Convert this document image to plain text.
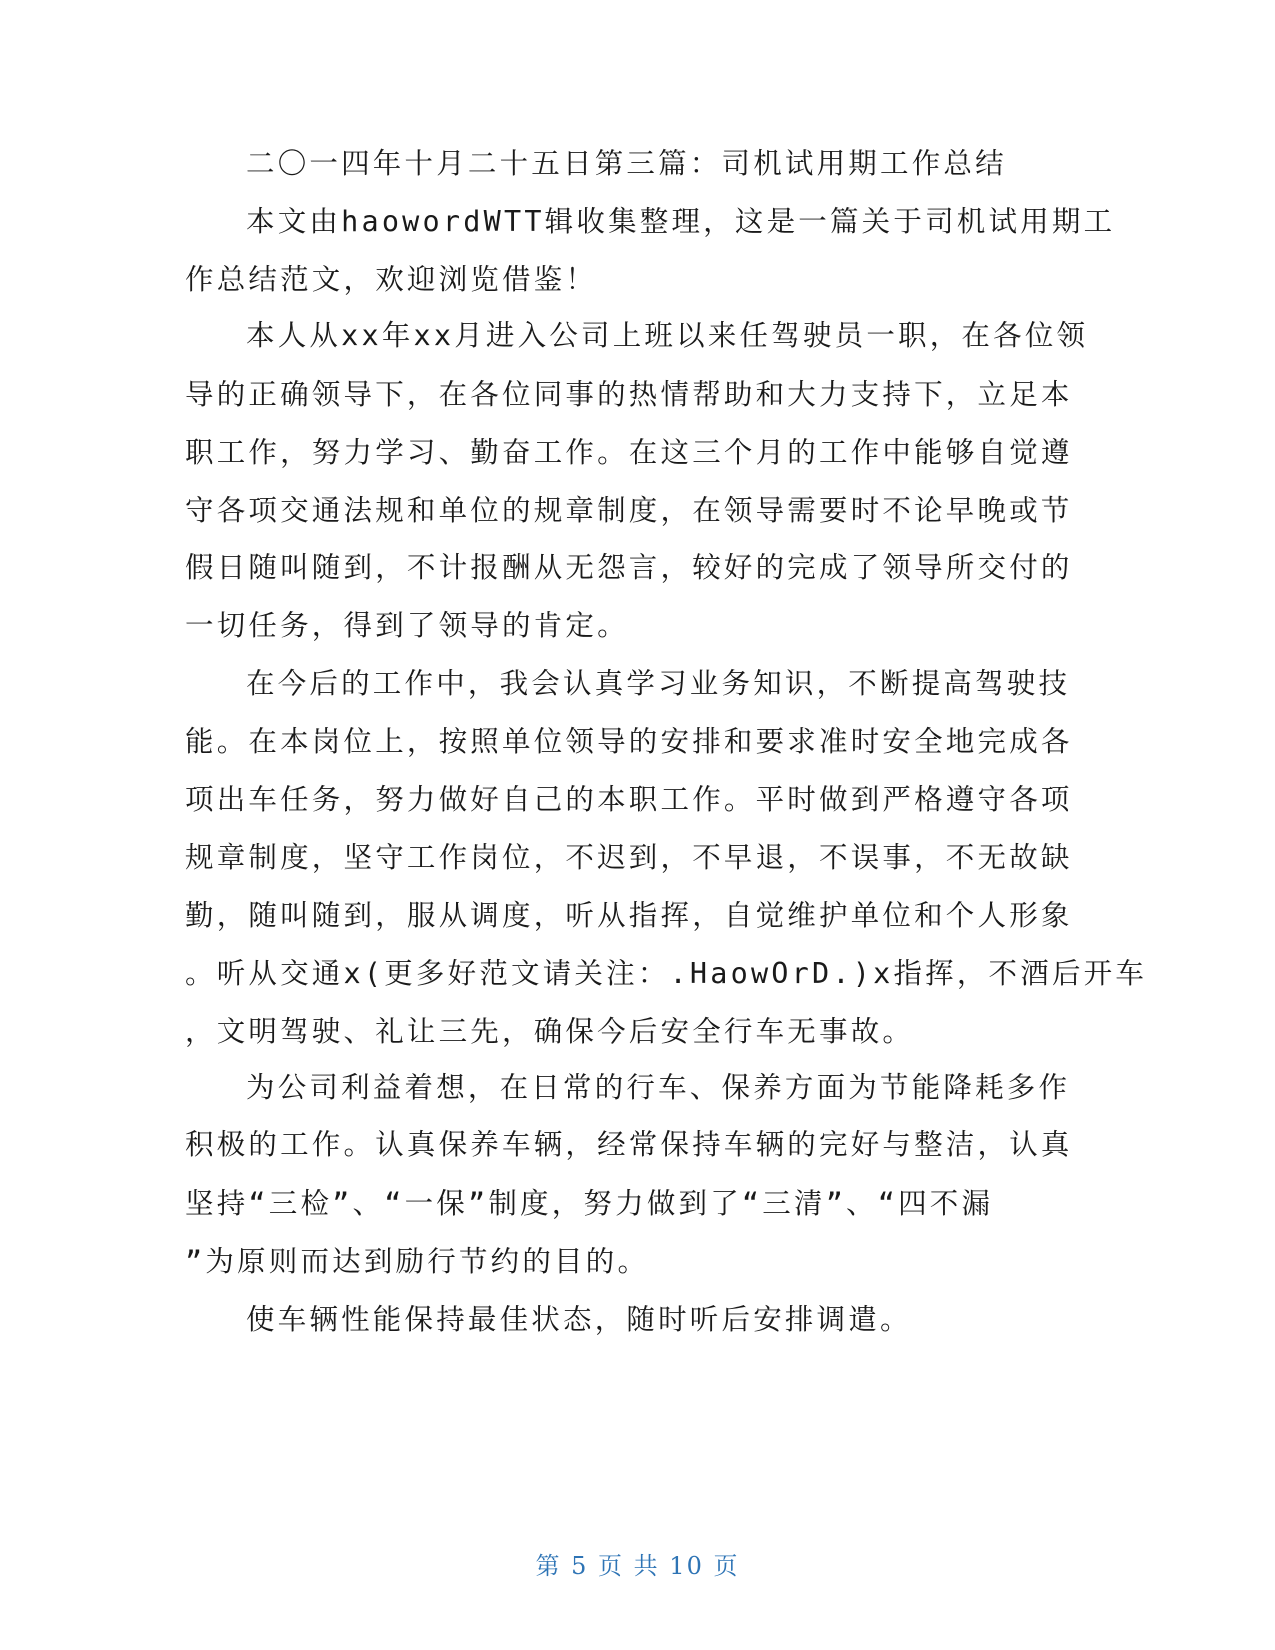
二〇一四年十月二十五日第三篇：司机试用期工作总结
本文由haowordWTT辑收集整理，这是一篇关于司机试用期工
作总结范文，欢迎浏览借鉴！
本人从xx年xx月进入公司上班以来任驾驶员一职，在各位领
导的正确领导下，在各位同事的热情帮助和大力支持下，立足本
职工作，努力学习、勤奋工作。在这三个月的工作中能够自觉遵
守各项交通法规和单位的规章制度，在领导需要时不论早晚或节
假日随叫随到，不计报酬从无怨言，较好的完成了领导所交付的
一切任务，得到了领导的肯定。
在今后的工作中，我会认真学习业务知识，不断提高驾驶技
能。在本岗位上，按照单位领导的安排和要求准时安全地完成各
项出车任务，努力做好自己的本职工作。平时做到严格遵守各项
规章制度，坚守工作岗位，不迟到，不早退，不误事，不无故缺
勤，随叫随到，服从调度，听从指挥，自觉维护单位和个人形象
。听从交通x(更多好范文请关注：.HaowOrD.)x指挥，不酒后开车
，文明驾驶、礼让三先，确保今后安全行车无事故。
为公司利益着想，在日常的行车、保养方面为节能降耗多作
积极的工作。认真保养车辆，经常保持车辆的完好与整洁，认真
坚持“三检”、“一保”制度，努力做到了“三清”、“四不漏
”为原则而达到励行节约的目的。
使车辆性能保持最佳状态，随时听后安排调遣。
第 5 页 共 10 页
